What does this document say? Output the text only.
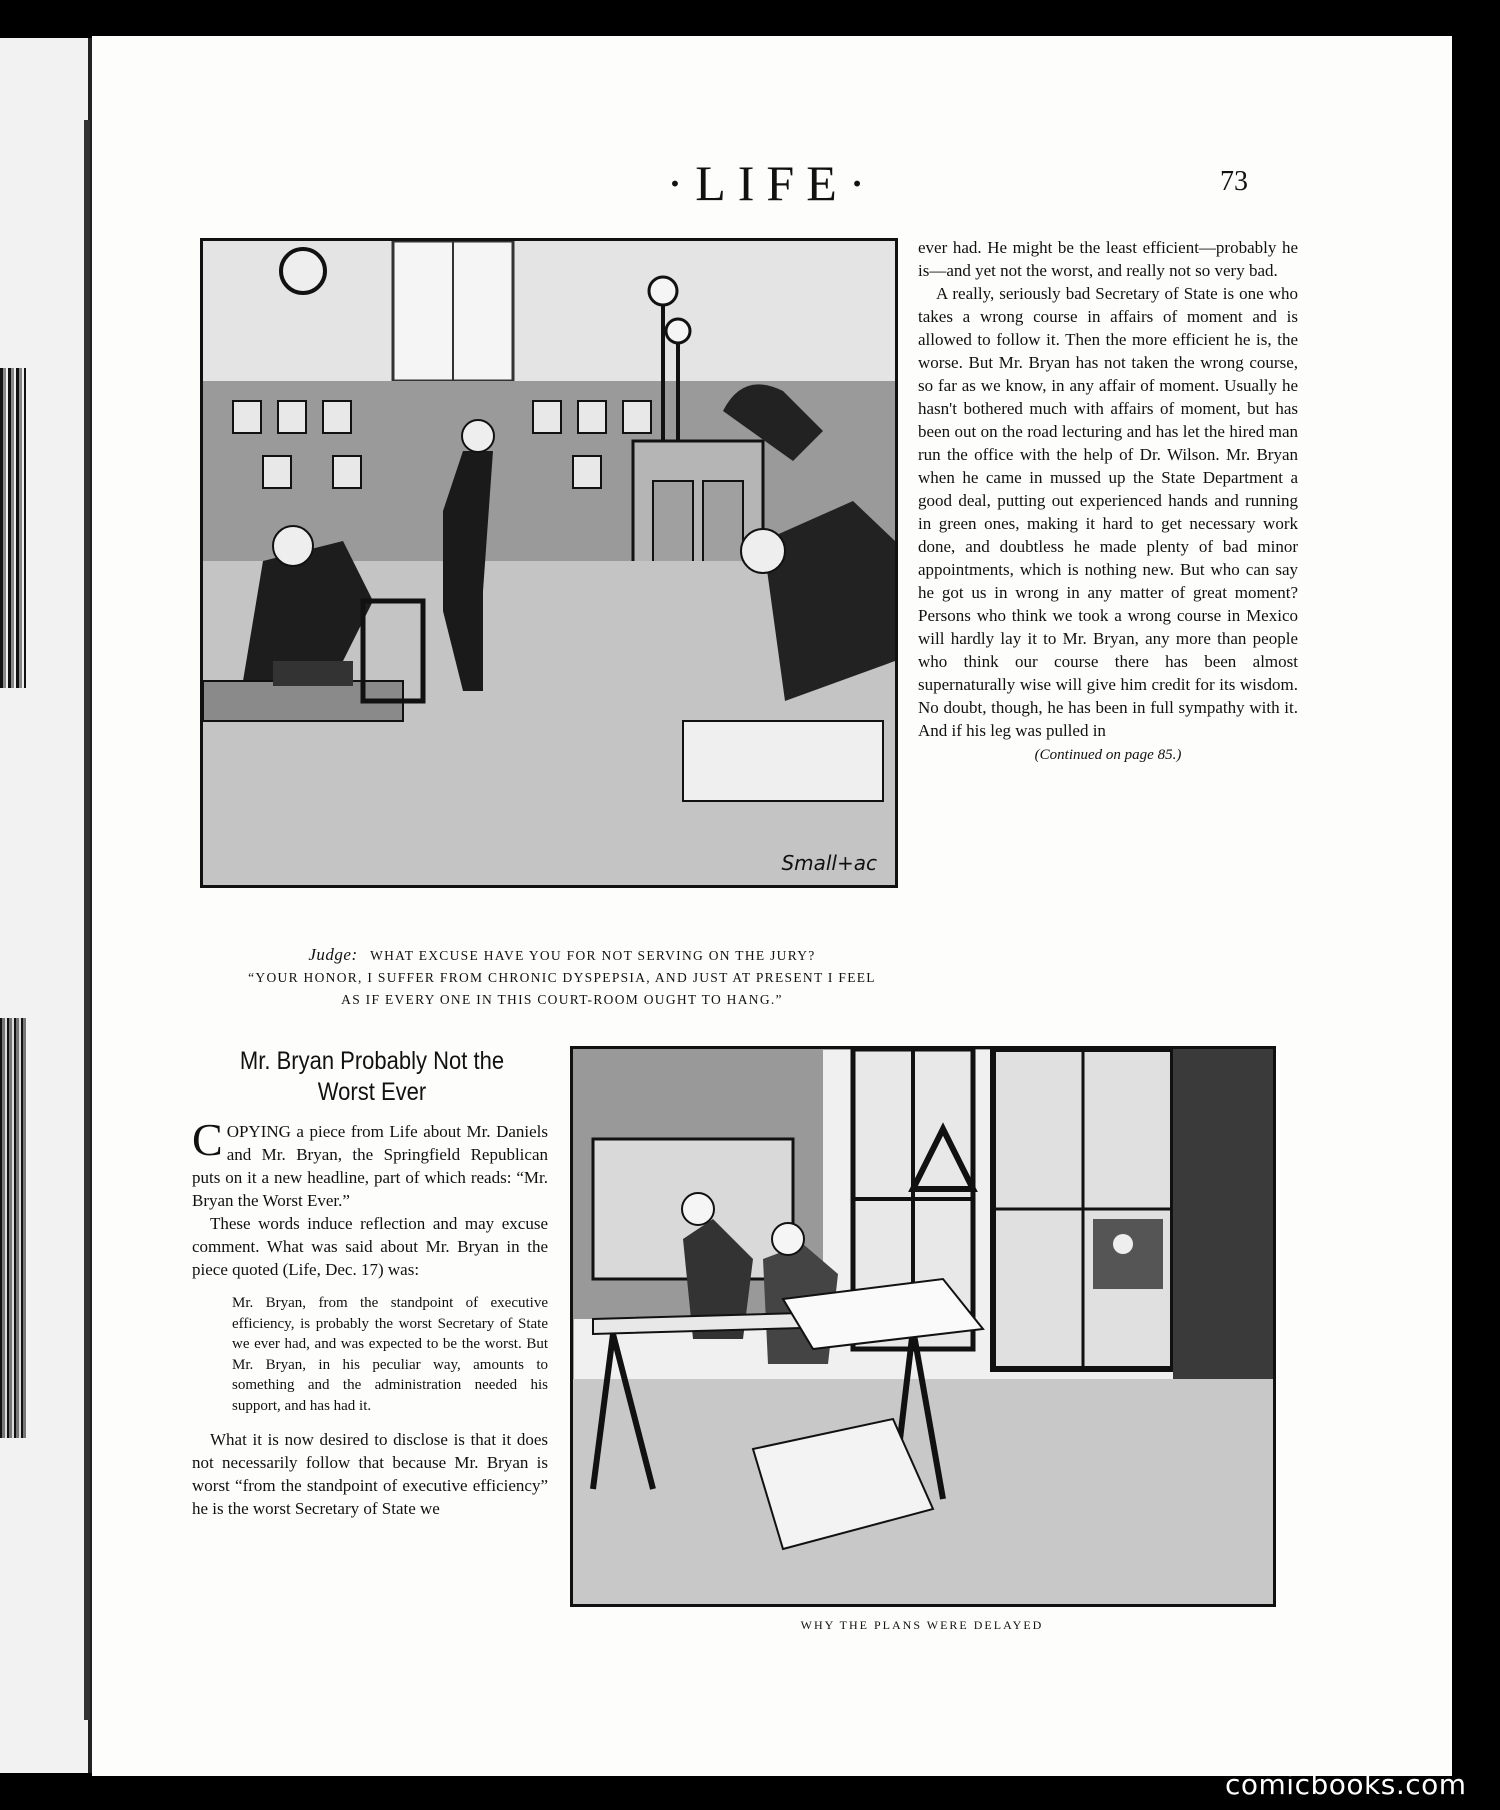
·LIFE·	73
Small+ac
Judge: WHAT EXCUSE HAVE YOU FOR NOT SERVING ON THE JURY?
“YOUR HONOR, I SUFFER FROM CHRONIC DYSPEPSIA, AND JUST AT PRESENT I FEEL AS IF EVERY ONE IN THIS COURT-ROOM OUGHT TO HANG.”

ever had. He might be the least efficient—probably he is—and yet not the worst, and really not so very bad.

A really, seriously bad Secretary of State is one who takes a wrong course in affairs of moment and is allowed to follow it. Then the more efficient he is, the worse. But Mr. Bryan has not taken the wrong course, so far as we know, in any affair of moment. Usually he hasn't bothered much with affairs of moment, but has been out on the road lecturing and has let the hired man run the office with the help of Dr. Wilson. Mr. Bryan when he came in mussed up the State Department a good deal, putting out experienced hands and running in green ones, making it hard to get necessary work done, and doubtless he made plenty of bad minor appointments, which is nothing new. But who can say he got us in wrong in any matter of great moment? Persons who think we took a wrong course in Mexico will hardly lay it to Mr. Bryan, any more than people who think our course there has been almost supernaturally wise will give him credit for its wisdom. No doubt, though, he has been in full sympathy with it. And if his leg was pulled in

(Continued on page 85.)

Mr. Bryan Probably Not the Worst Ever

COPYING a piece from Life about Mr. Daniels and Mr. Bryan, the Springfield Republican puts on it a new headline, part of which reads: “Mr. Bryan the Worst Ever.”

These words induce reflection and may excuse comment. What was said about Mr. Bryan in the piece quoted (Life, Dec. 17) was:

Mr. Bryan, from the standpoint of executive efficiency, is probably the worst Secretary of State we ever had, and was expected to be the worst. But Mr. Bryan, in his peculiar way, amounts to something and the administration needed his support, and has had it.

What it is now desired to disclose is that it does not necessarily follow that because Mr. Bryan is worst “from the standpoint of executive efficiency” he is the worst Secretary of State we

WHY THE PLANS WERE DELAYED
comicbooks.com
